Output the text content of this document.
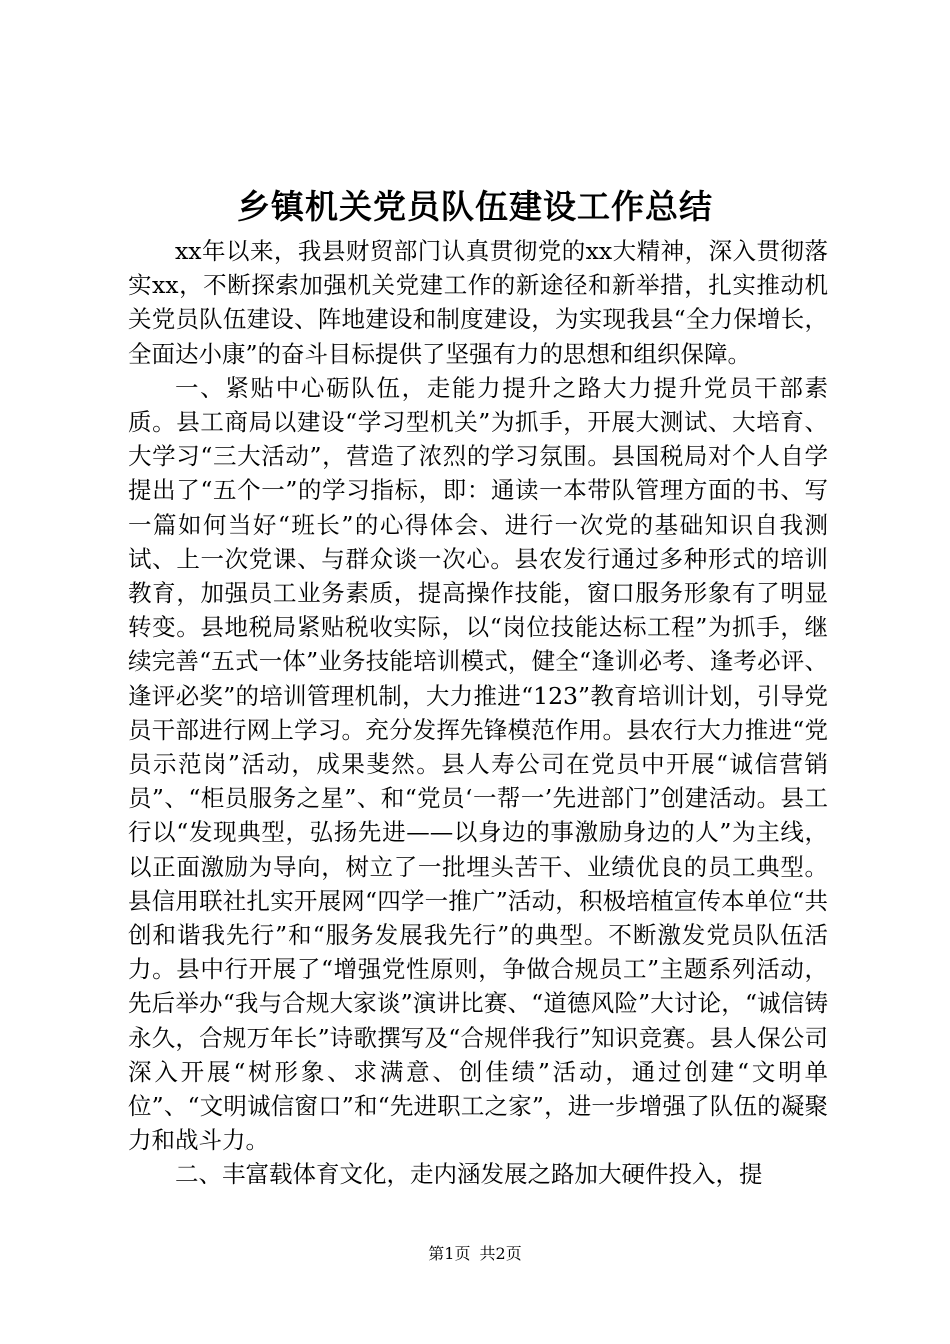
乡镇机关党员队伍建设工作总结

xx年以来，我县财贸部门认真贯彻党的xx大精神，深入贯彻落实xx，不断探索加强机关党建工作的新途径和新举措，扎实推动机关党员队伍建设、阵地建设和制度建设，为实现我县“全力保增长，全面达小康”的奋斗目标提供了坚强有力的思想和组织保障。

一、紧贴中心砺队伍，走能力提升之路大力提升党员干部素质。县工商局以建设“学习型机关”为抓手，开展大测试、大培育、大学习“三大活动”，营造了浓烈的学习氛围。县国税局对个人自学提出了“五个一”的学习指标，即：通读一本带队管理方面的书、写一篇如何当好“班长”的心得体会、进行一次党的基础知识自我测试、上一次党课、与群众谈一次心。县农发行通过多种形式的培训教育，加强员工业务素质，提高操作技能，窗口服务形象有了明显转变。县地税局紧贴税收实际，以“岗位技能达标工程”为抓手，继续完善“五式一体”业务技能培训模式，健全“逢训必考、逢考必评、逢评必奖”的培训管理机制，大力推进“123”教育培训计划，引导党员干部进行网上学习。充分发挥先锋模范作用。县农行大力推进“党员示范岗”活动，成果斐然。县人寿公司在党员中开展“诚信营销员”、“柜员服务之星”、和“党员‘一帮一’先进部门”创建活动。县工行以“发现典型，弘扬先进——以身边的事激励身边的人”为主线，以正面激励为导向，树立了一批埋头苦干、业绩优良的员工典型。县信用联社扎实开展网“四学一推广”活动，积极培植宣传本单位“共创和谐我先行”和“服务发展我先行”的典型。不断激发党员队伍活力。县中行开展了“增强党性原则，争做合规员工”主题系列活动，先后举办“我与合规大家谈”演讲比赛、“道德风险”大讨论，“诚信铸永久，合规万年长”诗歌撰写及“合规伴我行”知识竞赛。县人保公司深入开展“树形象、求满意、创佳绩”活动，通过创建“文明单位”、“文明诚信窗口”和“先进职工之家”，进一步增强了队伍的凝聚力和战斗力。

二、丰富载体育文化，走内涵发展之路加大硬件投入，提

第1页 共2页
